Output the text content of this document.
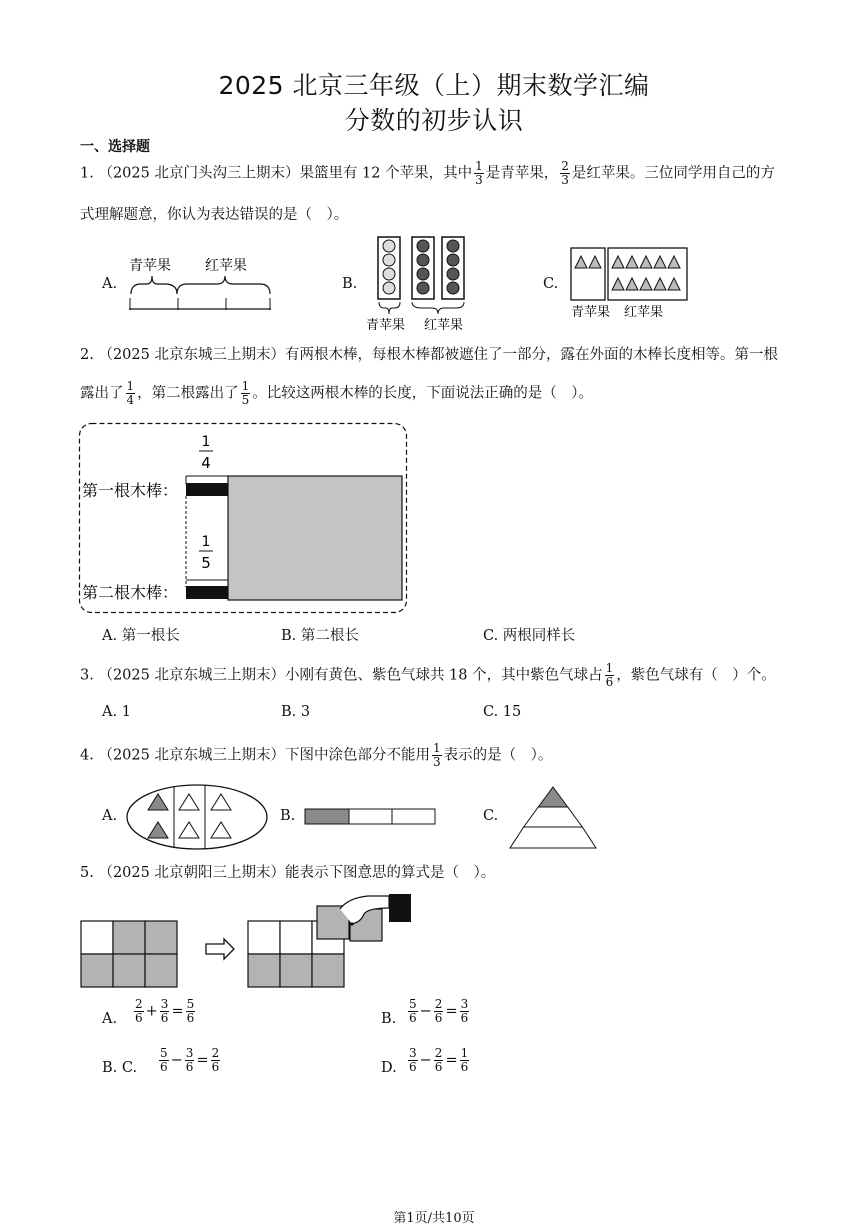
2025 北京三年级（上）期末数学汇编
分数的初步认识
一、选择题
1. （2025 北京门头沟三上期末）果篮里有 12 个苹果，其中 $\frac{1}{3}$ 是青苹果， $\frac{2}{3}$ 是红苹果。三位同学用自己的方
式理解题意，你认为表达错误的是（　）。
A.
青苹果 红苹果
B.
青苹果 红苹果
C.
青苹果 红苹果
2. （2025 北京东城三上期末）有两根木棒，每根木棒都被遮住了一部分，露在外面的木棒长度相等。第一根
露出了 $\frac{1}{4}$ ，第二根露出了 $\frac{1}{5}$ 。比较这两根木棒的长度，下面说法正确的是（　）。
1
4
1
5
第一根木棒：
第二根木棒：
A. 第一根长	B. 第二根长	C. 两根同样长
3. （2025 北京东城三上期末）小刚有黄色、紫色气球共 18 个，其中紫色气球占 $\frac{1}{6}$ ，紫色气球有（　）个。
A. 1	B. 3	C. 15
4. （2025 北京东城三上期末）下图中涂色部分不能用 $\frac{1}{3}$ 表示的是（　）。
A.	B.	C.
5. （2025 北京朝阳三上期末）能表示下图意思的算式是（　）。
A. $\frac{2}{6} + \frac{3}{6} = \frac{5}{6}$	B. $\frac{5}{6} - \frac{2}{6} = \frac{3}{6}$
B. C. $\frac{5}{6} - \frac{3}{6} = \frac{2}{6}$	D. $\frac{3}{6} - \frac{2}{6} = \frac{1}{6}$
第1页/共10页
